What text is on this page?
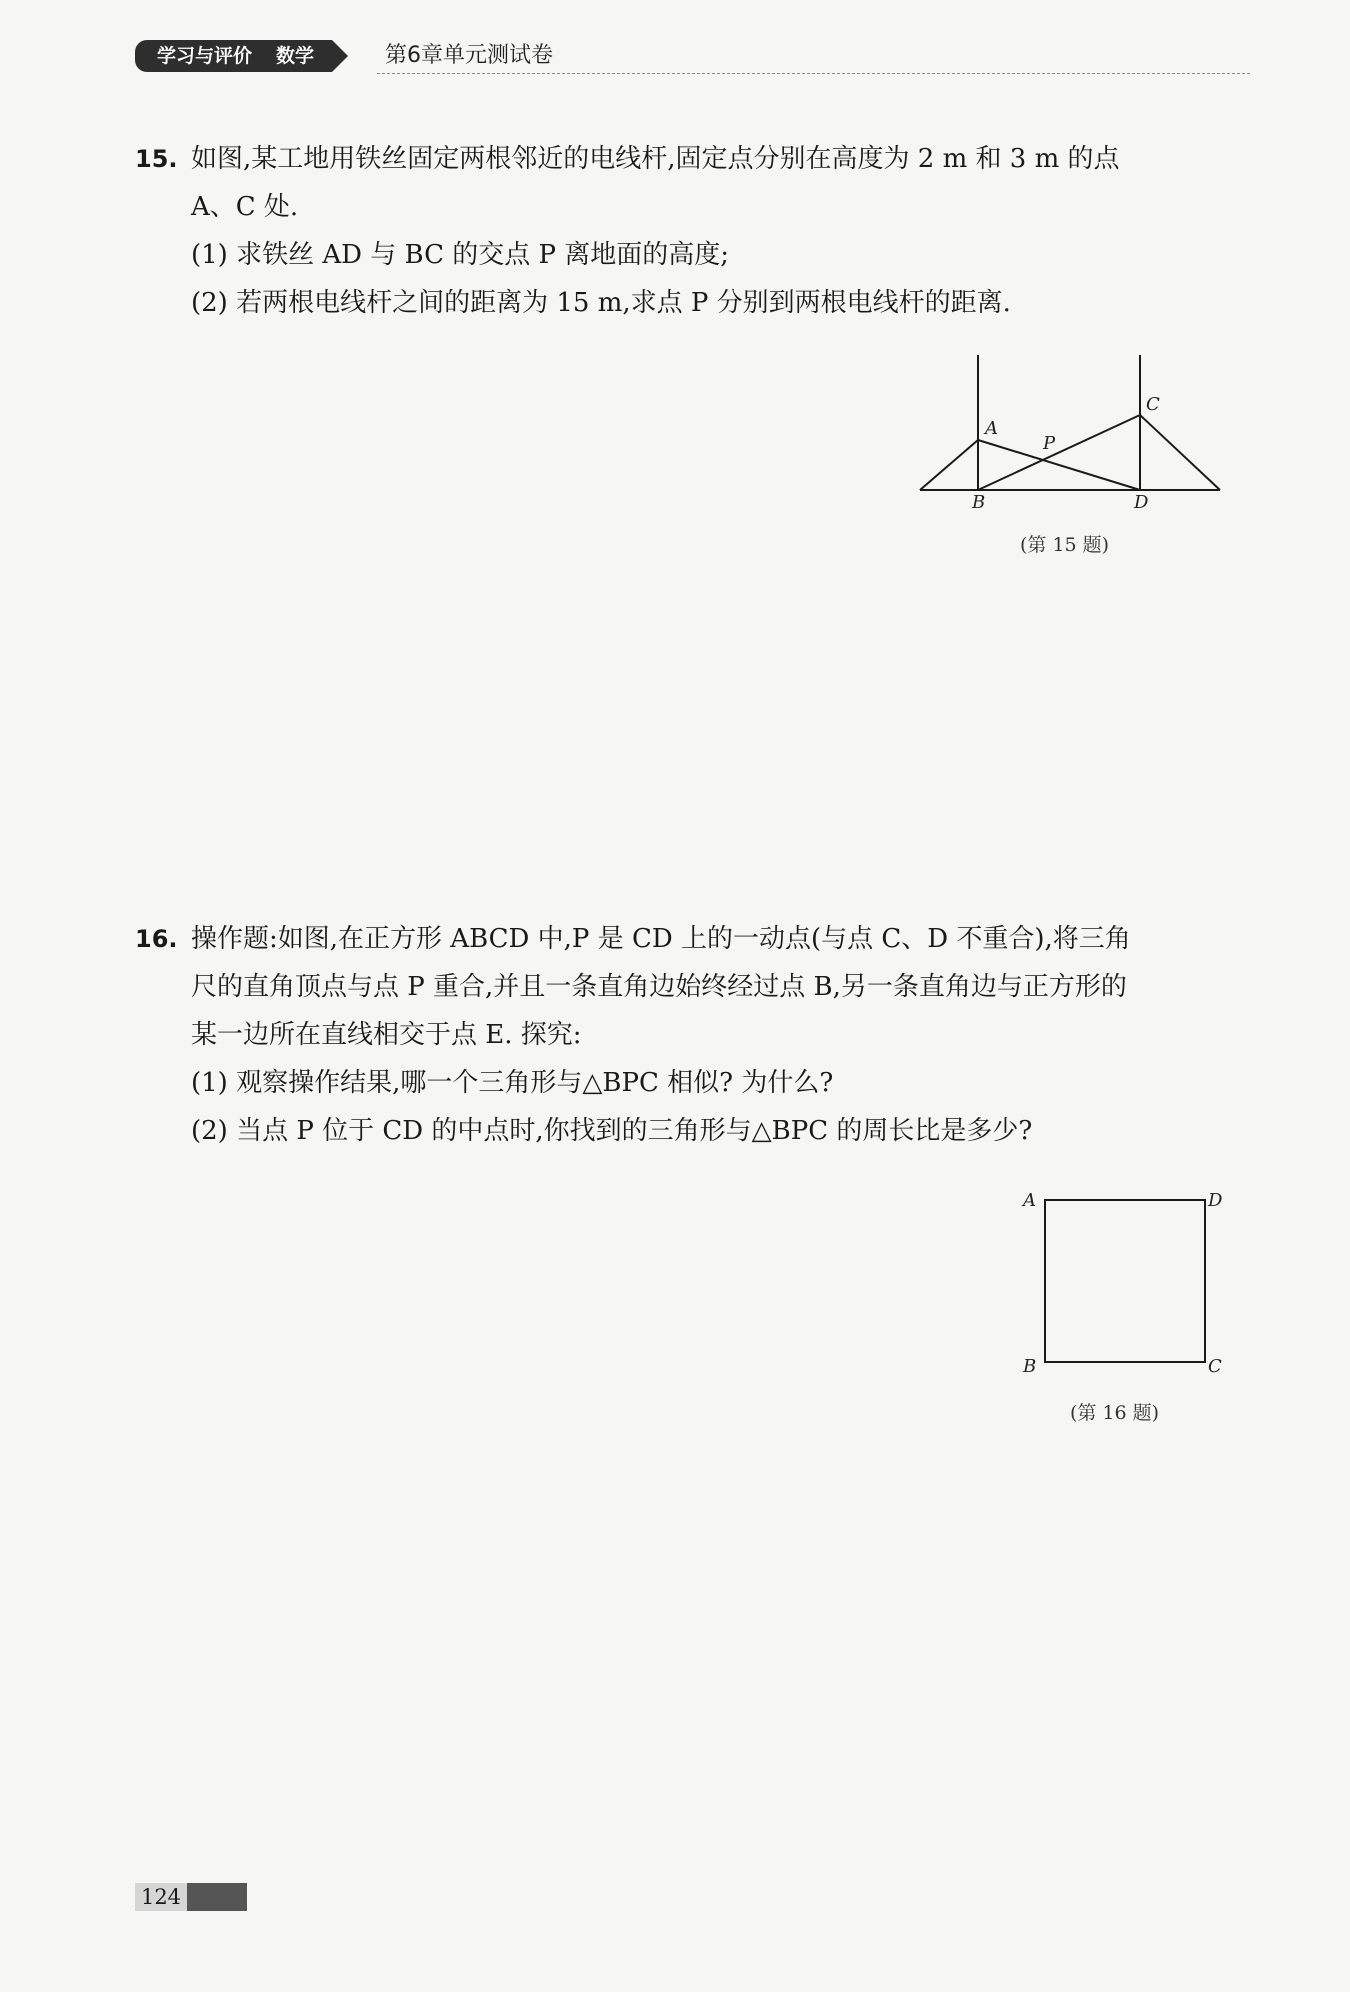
学习与评价 数学	第6章单元测试卷
15. 如图,某工地用铁丝固定两根邻近的电线杆,固定点分别在高度为 2 m 和 3 m 的点
A、C 处.
(1) 求铁丝 AD 与 BC 的交点 P 离地面的高度;
(2) 若两根电线杆之间的距离为 15 m,求点 P 分别到两根电线杆的距离.
A
B
C
D
P
(第 15 题)
16. 操作题:如图,在正方形 ABCD 中,P 是 CD 上的一动点(与点 C、D 不重合),将三角
尺的直角顶点与点 P 重合,并且一条直角边始终经过点 B,另一条直角边与正方形的
某一边所在直线相交于点 E. 探究:
(1) 观察操作结果,哪一个三角形与△BPC 相似? 为什么?
(2) 当点 P 位于 CD 的中点时,你找到的三角形与△BPC 的周长比是多少?
A	D
B	C
(第 16 题)
124
